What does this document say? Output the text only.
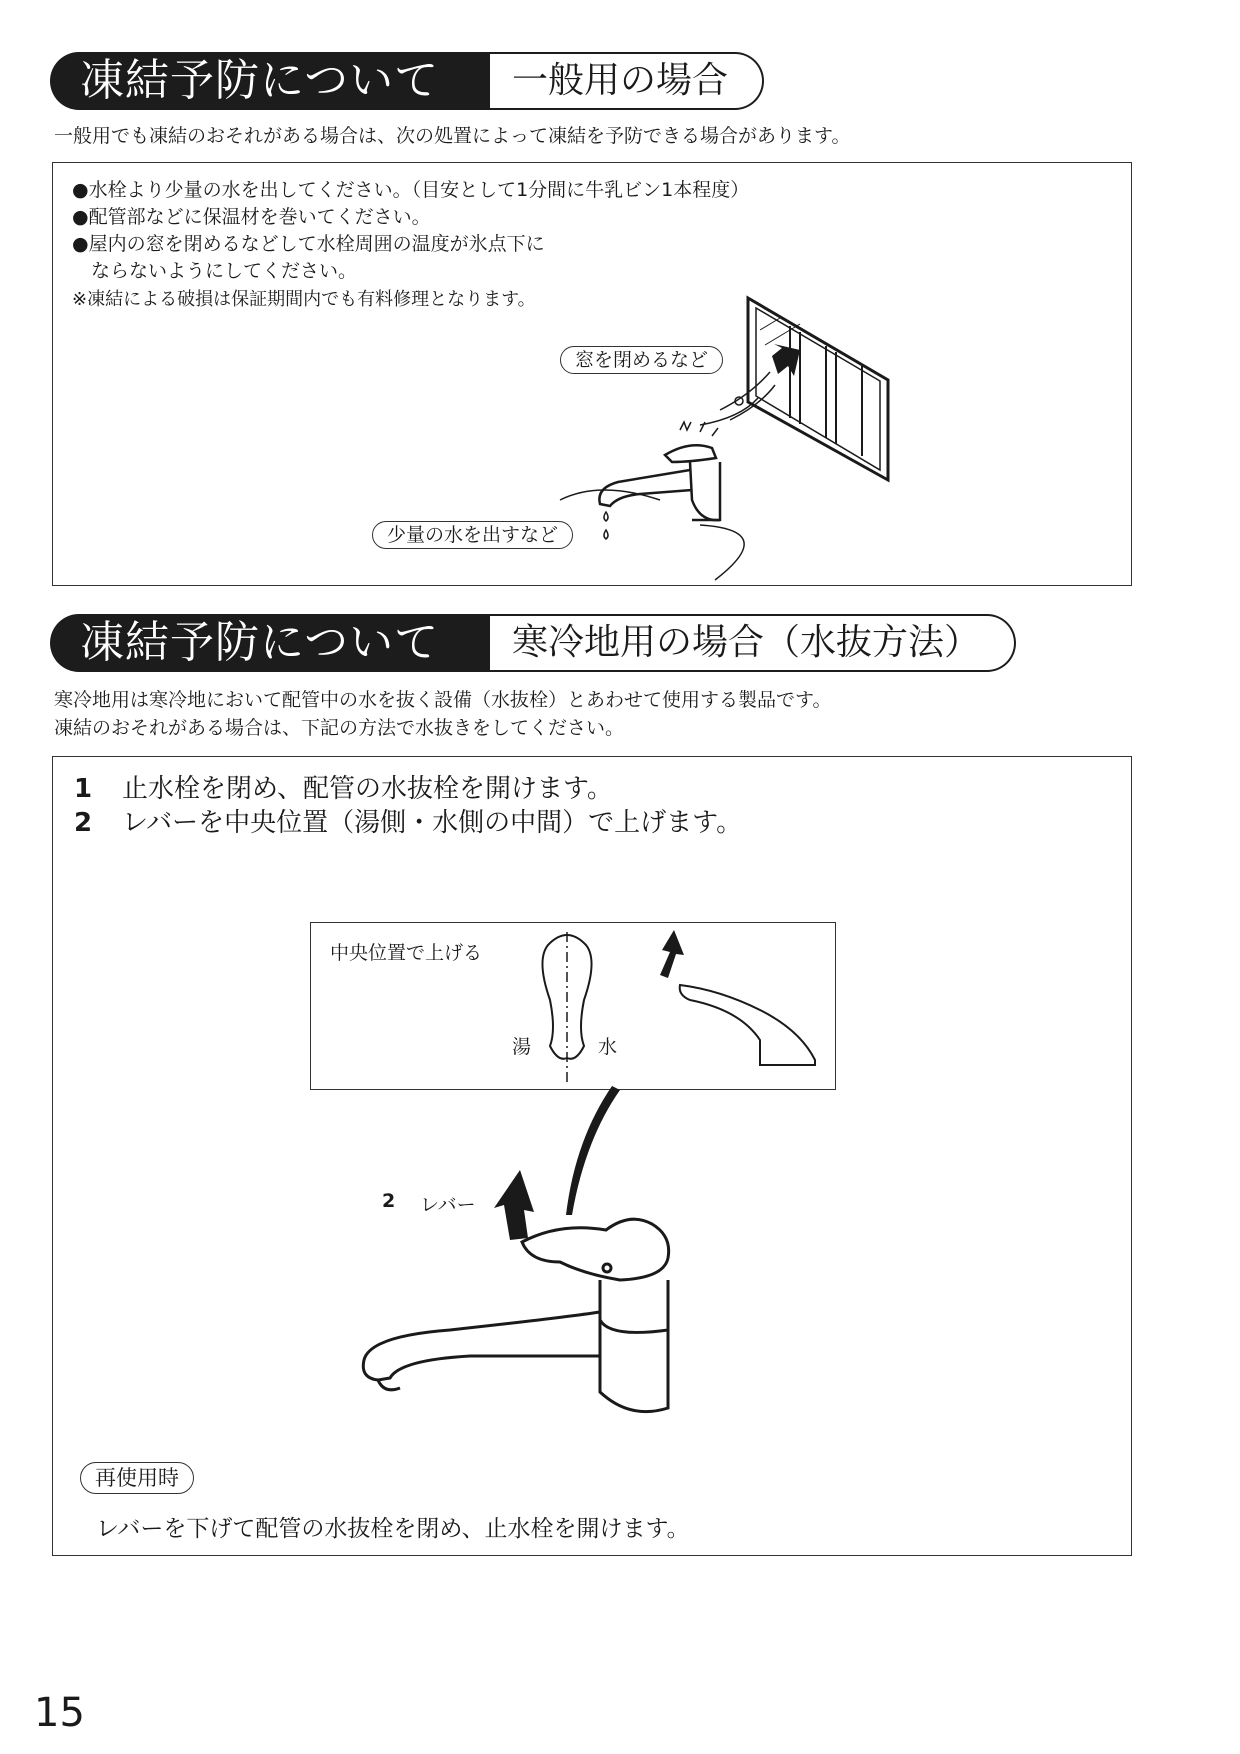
凍結予防について	一般用の場合
一般用でも凍結のおそれがある場合は、次の処置によって凍結を予防できる場合があります。
●水栓より少量の水を出してください。（目安として1分間に牛乳ビン1本程度）
●配管部などに保温材を巻いてください。
●屋内の窓を閉めるなどして水栓周囲の温度が氷点下に
　ならないようにしてください。
※凍結による破損は保証期間内でも有料修理となります。
窓を閉めるなど
少量の水を出すなど
凍結予防について	寒冷地用の場合（水抜方法）
寒冷地用は寒冷地において配管中の水を抜く設備（水抜栓）とあわせて使用する製品です。
凍結のおそれがある場合は、下記の方法で水抜きをしてください。
1 止水栓を閉め、配管の水抜栓を開けます。
2 レバーを中央位置（湯側・水側の中間）で上げます。
中央位置で上げる
湯	水
2 レバー
再使用時
レバーを下げて配管の水抜栓を閉め、止水栓を開けます。
15
